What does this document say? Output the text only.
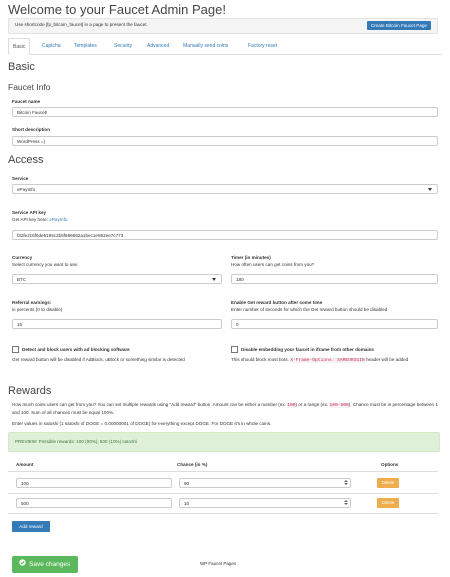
Welcome to your Faucet Admin Page!
Use shortcode [fp_bitcoin_faucet] in a page to present the faucet.	Create Bitcoin Faucet Page
Basic	Captcha	Templates	Security	Advanced	Manually send coins	Factory reset
Basic
Faucet Info
Faucet name
Bitcoin Faucet!
Short description
WordPress =)
Access
Service
ePayInfo
Service API key
Get API key here: ePayInfo
f32fe2c6f0de5195c2b5f666662a1bec1e592ee7c773
Currency
Select currency you want to use.
BTC
Timer (in minutes)
How often users can get coins from you?
180
Referral earnings:
in percents (0 to disable)
15
Enable Get reward button after some time
Enter number of seconds for which the Get reward button should be disabled
0
Detect and block users with ad blocking software
Get reward button will be disabled if AdBlock, uBlock or something similar is detected
Disable embedding your faucet in iframe from other domains
This should block most bots. X-Frame-Options: SAMEORIGIN header will be added
Rewards
How much coins users can get from you? You can set multiple rewards using "Add reward" button. Amount can be either a number (ex. 100) or a range (ex. 100-500). Chance must be in percentage between 1 and 100. Sum of all chances must be equal 100%.
Enter values in satoshi (1 satoshi of DOGE = 0.00000001 of DOGE) for everything except DOGE. For DOGE it's in whole coins.
PREVIEW: Possible rewards: 100 (90%), 500 (10%) satoshi
Amount	Chance (in %)	Options
100	90	Delete
500	10	Delete
Add reward
Save changes	WP Faucet Pages
